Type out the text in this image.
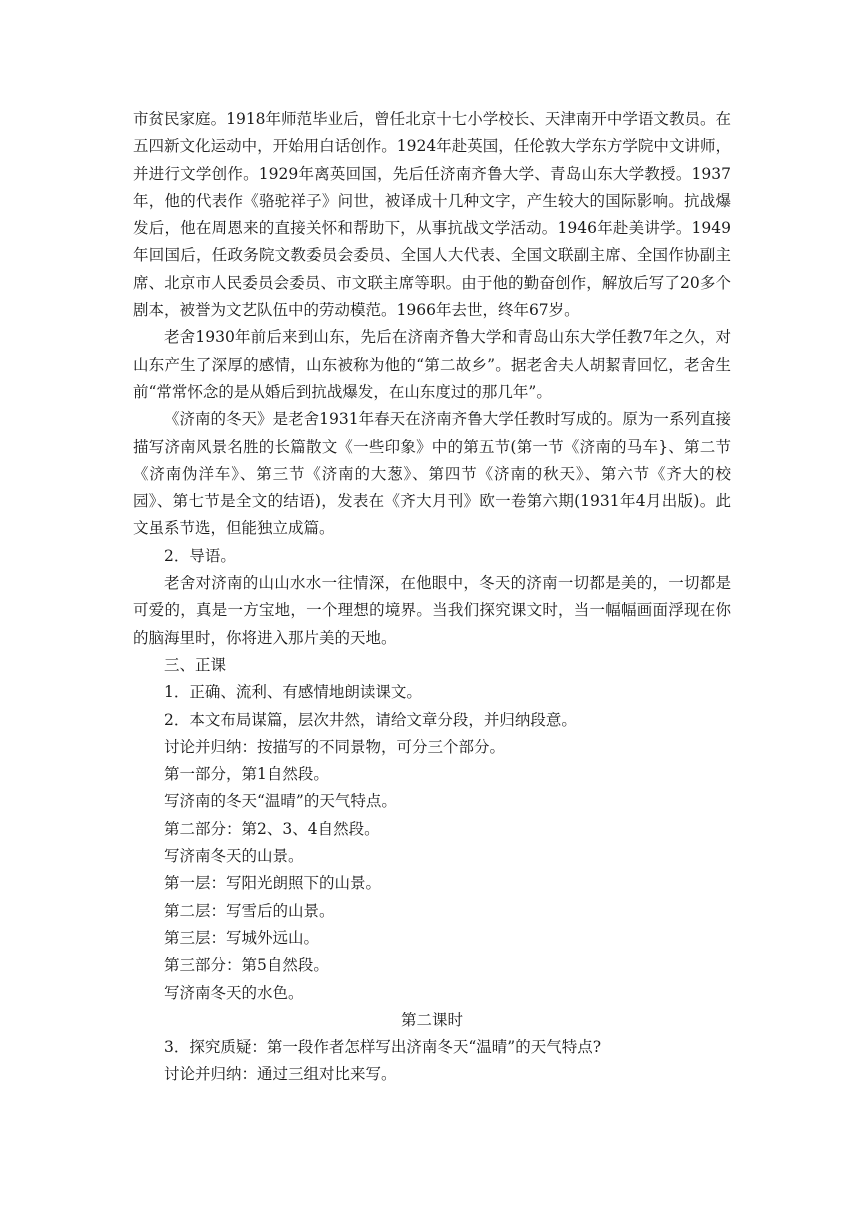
市贫民家庭。1918年师范毕业后，曾任北京十七小学校长、天津南开中学语文教员。在五四新文化运动中，开始用白话创作。1924年赴英国，任伦敦大学东方学院中文讲师，并进行文学创作。1929年离英回国，先后任济南齐鲁大学、青岛山东大学教授。1937年，他的代表作《骆驼祥子》问世，被译成十几种文字，产生较大的国际影响。抗战爆发后，他在周恩来的直接关怀和帮助下，从事抗战文学活动。1946年赴美讲学。1949年回国后，任政务院文教委员会委员、全国人大代表、全国文联副主席、全国作协副主席、北京市人民委员会委员、市文联主席等职。由于他的勤奋创作，解放后写了20多个剧本，被誉为文艺队伍中的劳动模范。1966年去世，终年67岁。

老舍1930年前后来到山东，先后在济南齐鲁大学和青岛山东大学任教7年之久，对山东产生了深厚的感情，山东被称为他的“第二故乡”。据老舍夫人胡絜青回忆，老舍生前“常常怀念的是从婚后到抗战爆发，在山东度过的那几年”。

《济南的冬天》是老舍1931年春天在济南齐鲁大学任教时写成的。原为一系列直接描写济南风景名胜的长篇散文《一些印象》中的第五节(第一节《济南的马车}、第二节《济南伪洋车》、第三节《济南的大葱》、第四节《济南的秋天》、第六节《齐大的校园》、第七节是全文的结语)，发表在《齐大月刊》欧一卷第六期(1931年4月出版)。此文虽系节选，但能独立成篇。

2．导语。

老舍对济南的山山水水一往情深，在他眼中，冬天的济南一切都是美的，一切都是可爱的，真是一方宝地，一个理想的境界。当我们探究课文时，当一幅幅画面浮现在你的脑海里时，你将进入那片美的天地。

三、正课

1．正确、流利、有感情地朗读课文。

2．本文布局谋篇，层次井然，请给文章分段，并归纳段意。

讨论并归纳：按描写的不同景物，可分三个部分。

第一部分，第1自然段。

写济南的冬天“温晴”的天气特点。

第二部分：第2、3、4自然段。

写济南冬天的山景。

第一层：写阳光朗照下的山景。

第二层：写雪后的山景。

第三层：写城外远山。

第三部分：第5自然段。

写济南冬天的水色。

第二课时

3．探究质疑：第一段作者怎样写出济南冬天“温晴”的天气特点?

讨论并归纳：通过三组对比来写。
